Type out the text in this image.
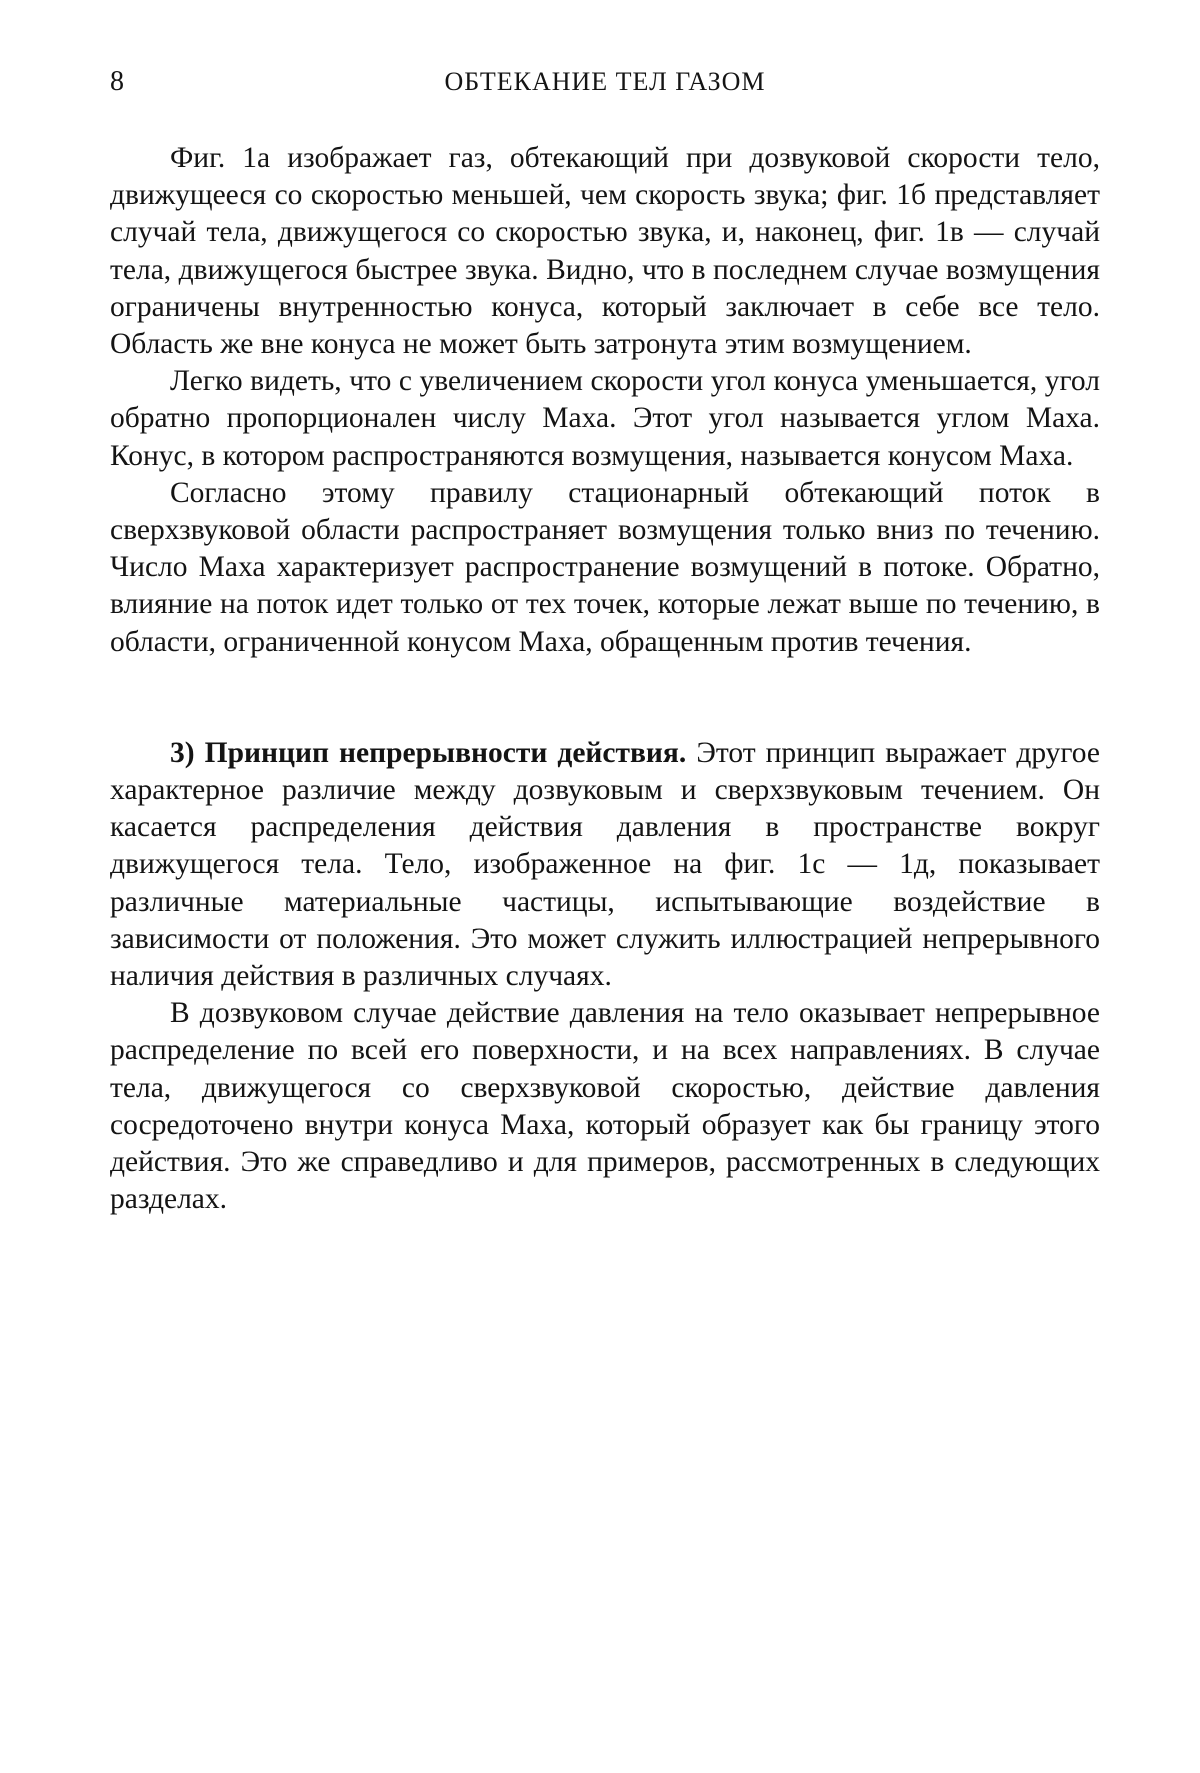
8	ОБТЕКАНИЕ ТЕЛ ГАЗОМ

Фиг. 1а изображает газ, обтекающий при дозвуковой скорости тело, движущееся со скоростью меньшей, чем скорость звука; фиг. 1б представляет случай тела, движущегося со скоростью звука, и, наконец, фиг. 1в — случай тела, движущегося быстрее звука. Видно, что в последнем случае возмущения ограничены внутренностью конуса, который заключает в себе все тело. Область же вне конуса не может быть затронута этим возмущением.

Легко видеть, что с увеличением скорости угол конуса уменьшается, угол обратно пропорционален числу Маха. Этот угол называется углом Маха. Конус, в котором распространяются возмущения, называется конусом Маха.

Согласно этому правилу стационарный обтекающий поток в сверхзвуковой области распространяет возмущения только вниз по течению. Число Маха характеризует распространение возмущений в потоке. Обратно, влияние на поток идет только от тех точек, которые лежат выше по течению, в области, ограниченной конусом Маха, обращенным против течения.

3) Принцип непрерывности действия. Этот принцип выражает другое характерное различие между дозвуковым и сверхзвуковым течением. Он касается распределения действия давления в пространстве вокруг движущегося тела. Тело, изображенное на фиг. 1с — 1д, показывает различные материальные частицы, испытывающие воздействие в зависимости от положения. Это может служить иллюстрацией непрерывного наличия действия в различных случаях.

В дозвуковом случае действие давления на тело оказывает непрерывное распределение по всей его поверхности, и на всех направлениях. В случае тела, движущегося со сверхзвуковой скоростью, действие давления сосредоточено внутри конуса Маха, который образует как бы границу этого действия. Это же справедливо и для примеров, рассмотренных в следующих разделах.
